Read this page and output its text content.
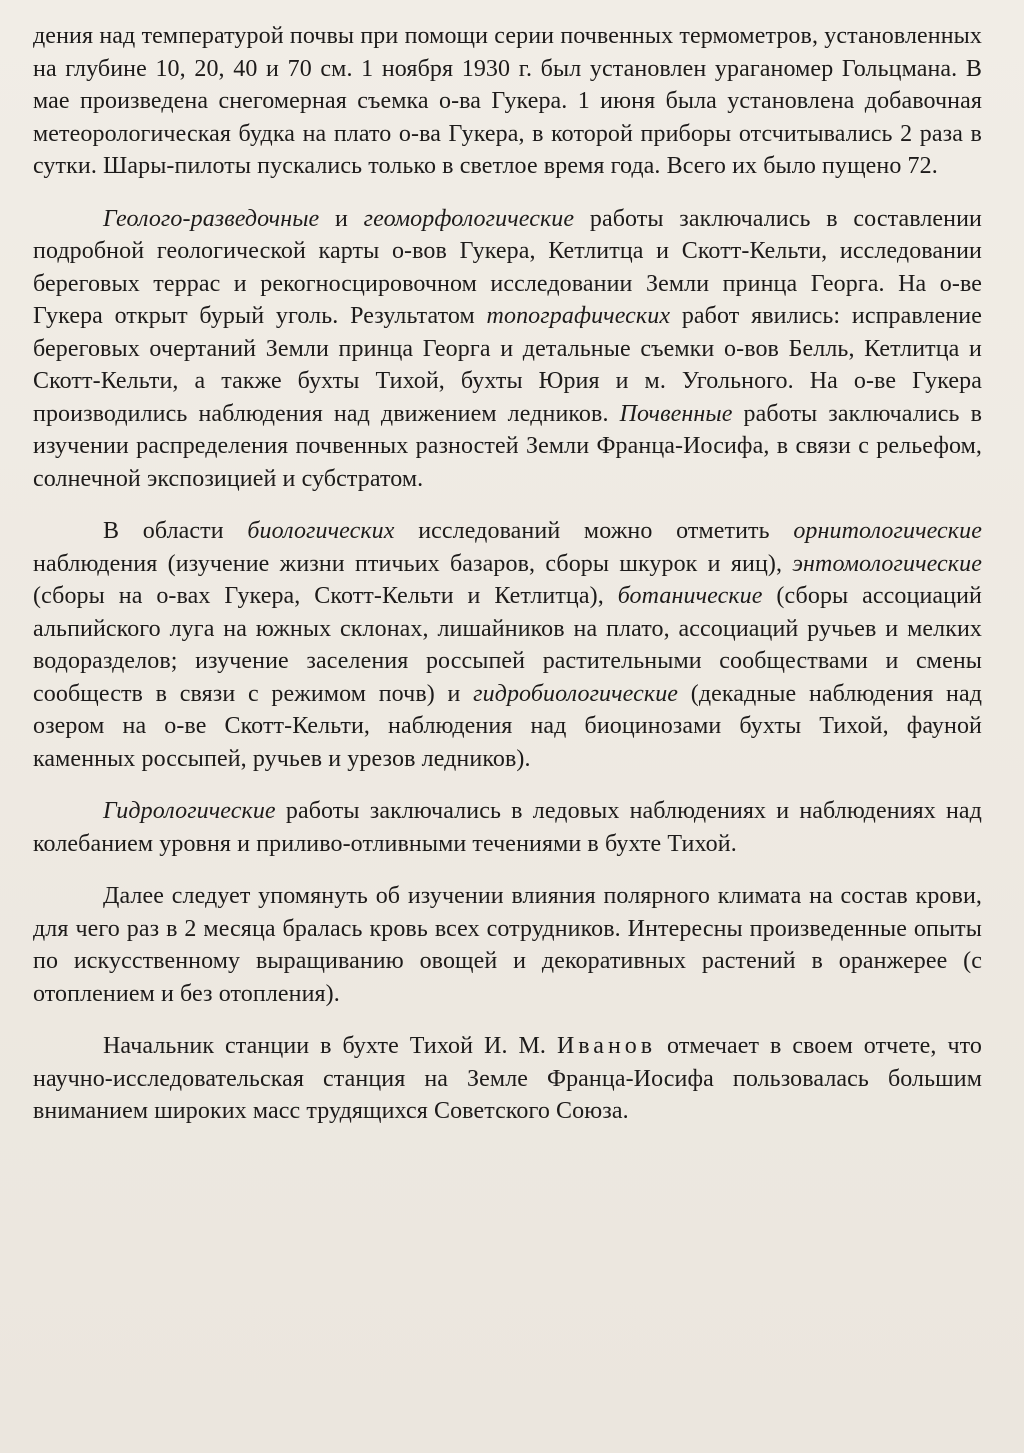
дения над температурой почвы при помощи серии почвенных термометров, установленных на глубине 10, 20, 40 и 70 см. 1 ноября 1930 г. был установлен ураганомер Гольцмана. В мае произведена снегомерная съемка о-ва Гукера. 1 июня была установлена добавочная метеорологическая будка на плато о-ва Гукера, в которой приборы отсчитывались 2 раза в сутки. Шары-пилоты пускались только в светлое время года. Всего их было пущено 72.

Геолого-разведочные и геоморфологические работы заключались в составлении подробной геологической карты о-вов Гукера, Кетлитца и Скотт-Кельти, исследовании береговых террас и рекогносцировочном исследовании Земли принца Георга. На о-ве Гукера открыт бурый уголь. Результатом топографических работ явились: исправление береговых очертаний Земли принца Георга и детальные съемки о-вов Белль, Кетлитца и Скотт-Кельти, а также бухты Тихой, бухты Юрия и м. Угольного. На о-ве Гукера производились наблюдения над движением ледников. Почвенные работы заключались в изучении распределения почвенных разностей Земли Франца-Иосифа, в связи с рельефом, солнечной экспозицией и субстратом.

В области биологических исследований можно отметить орнитологические наблюдения (изучение жизни птичьих базаров, сборы шкурок и яиц), энтомологические (сборы на о-вах Гукера, Скотт-Кельти и Кетлитца), ботанические (сборы ассоциаций альпийского луга на южных склонах, лишайников на плато, ассоциаций ручьев и мелких водоразделов; изучение заселения россыпей растительными сообществами и смены сообществ в связи с режимом почв) и гидробиологические (декадные наблюдения над озером на о-ве Скотт-Кельти, наблюдения над биоцинозами бухты Тихой, фауной каменных россыпей, ручьев и урезов ледников).

Гидрологические работы заключались в ледовых наблюдениях и наблюдениях над колебанием уровня и приливо-отливными течениями в бухте Тихой.

Далее следует упомянуть об изучении влияния полярного климата на состав крови, для чего раз в 2 месяца бралась кровь всех сотрудников. Интересны произведенные опыты по искусственному выращиванию овощей и декоративных растений в оранжерее (с отоплением и без отопления).

Начальник станции в бухте Тихой И. М. Иванов отмечает в своем отчете, что научно-исследовательская станция на Земле Франца-Иосифа пользовалась большим вниманием широких масс трудящихся Советского Союза.
